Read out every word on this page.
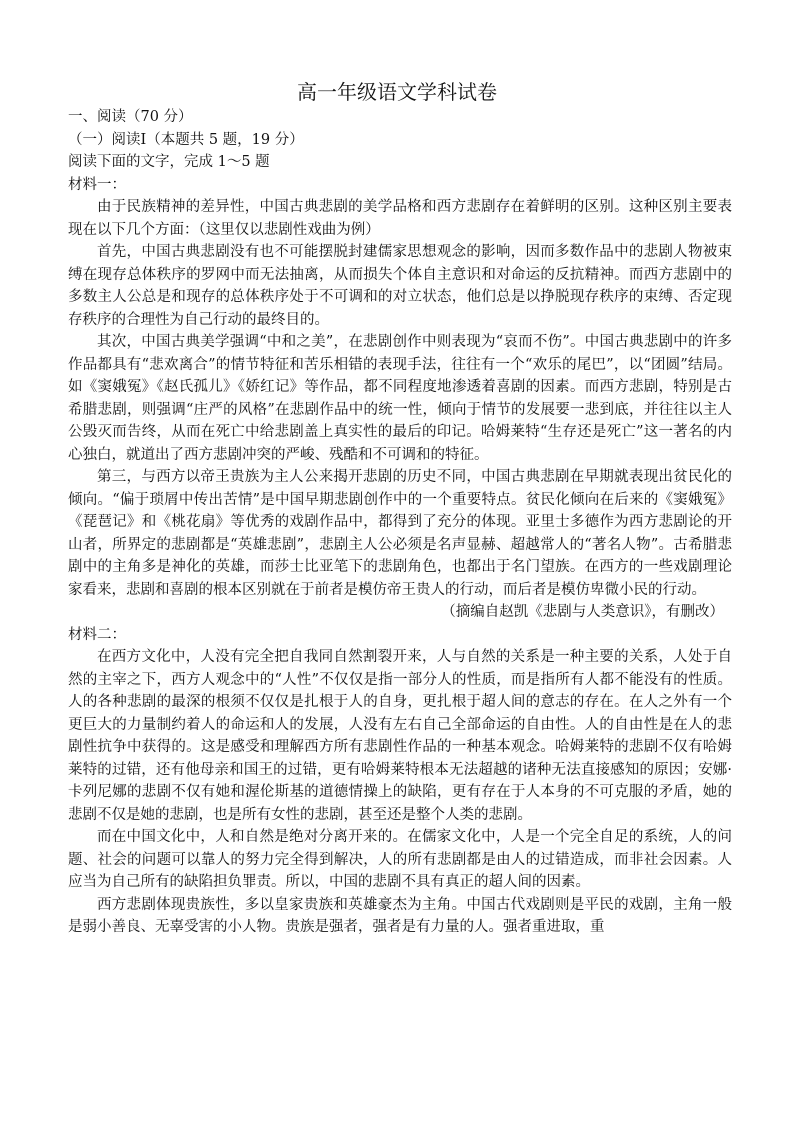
高一年级语文学科试卷

一、阅读（70 分）

（一）阅读Ⅰ（本题共 5 题，19 分）

阅读下面的文字，完成 1～5 题

材料一：

由于民族精神的差异性，中国古典悲剧的美学品格和西方悲剧存在着鲜明的区别。这种区别主要表现在以下几个方面：（这里仅以悲剧性戏曲为例）

首先，中国古典悲剧没有也不可能摆脱封建儒家思想观念的影响，因而多数作品中的悲剧人物被束缚在现存总体秩序的罗网中而无法抽离，从而损失个体自主意识和对命运的反抗精神。而西方悲剧中的多数主人公总是和现存的总体秩序处于不可调和的对立状态，他们总是以挣脱现存秩序的束缚、否定现存秩序的合理性为自己行动的最终目的。

其次，中国古典美学强调“中和之美”，在悲剧创作中则表现为“哀而不伤”。中国古典悲剧中的许多作品都具有“悲欢离合”的情节特征和苦乐相错的表现手法，往往有一个“欢乐的尾巴”，以“团圆”结局。如《窦娥冤》《赵氏孤儿》《娇红记》等作品，都不同程度地渗透着喜剧的因素。而西方悲剧，特别是古希腊悲剧，则强调“庄严的风格”在悲剧作品中的统一性，倾向于情节的发展要一悲到底，并往往以主人公毁灭而告终，从而在死亡中给悲剧盖上真实性的最后的印记。哈姆莱特“生存还是死亡”这一著名的内心独白，就道出了西方悲剧冲突的严峻、残酷和不可调和的特征。

第三，与西方以帝王贵族为主人公来揭开悲剧的历史不同，中国古典悲剧在早期就表现出贫民化的倾向。“偏于琐屑中传出苦情”是中国早期悲剧创作中的一个重要特点。贫民化倾向在后来的《窦娥冤》《琵琶记》和《桃花扇》等优秀的戏剧作品中，都得到了充分的体现。亚里士多德作为西方悲剧论的开山者，所界定的悲剧都是“英雄悲剧”，悲剧主人公必须是名声显赫、超越常人的“著名人物”。古希腊悲剧中的主角多是神化的英雄，而莎士比亚笔下的悲剧角色，也都出于名门望族。在西方的一些戏剧理论家看来，悲剧和喜剧的根本区别就在于前者是模仿帝王贵人的行动，而后者是模仿卑微小民的行动。

（摘编自赵凯《悲剧与人类意识》，有删改）

材料二：

在西方文化中，人没有完全把自我同自然割裂开来，人与自然的关系是一种主要的关系，人处于自然的主宰之下，西方人观念中的“人性”不仅仅是指一部分人的性质，而是指所有人都不能没有的性质。人的各种悲剧的最深的根须不仅仅是扎根于人的自身，更扎根于超人间的意志的存在。在人之外有一个更巨大的力量制约着人的命运和人的发展，人没有左右自己全部命运的自由性。人的自由性是在人的悲剧性抗争中获得的。这是感受和理解西方所有悲剧性作品的一种基本观念。哈姆莱特的悲剧不仅有哈姆莱特的过错，还有他母亲和国王的过错，更有哈姆莱特根本无法超越的诸种无法直接感知的原因；安娜·卡列尼娜的悲剧不仅有她和渥伦斯基的道德情操上的缺陷，更有存在于人本身的不可克服的矛盾，她的悲剧不仅是她的悲剧，也是所有女性的悲剧，甚至还是整个人类的悲剧。

而在中国文化中，人和自然是绝对分离开来的。在儒家文化中，人是一个完全自足的系统，人的问题、社会的问题可以靠人的努力完全得到解决，人的所有悲剧都是由人的过错造成，而非社会因素。人应当为自己所有的缺陷担负罪责。所以，中国的悲剧不具有真正的超人间的因素。

西方悲剧体现贵族性，多以皇家贵族和英雄豪杰为主角。中国古代戏剧则是平民的戏剧，主角一般是弱小善良、无辜受害的小人物。贵族是强者，强者是有力量的人。强者重进取，重
